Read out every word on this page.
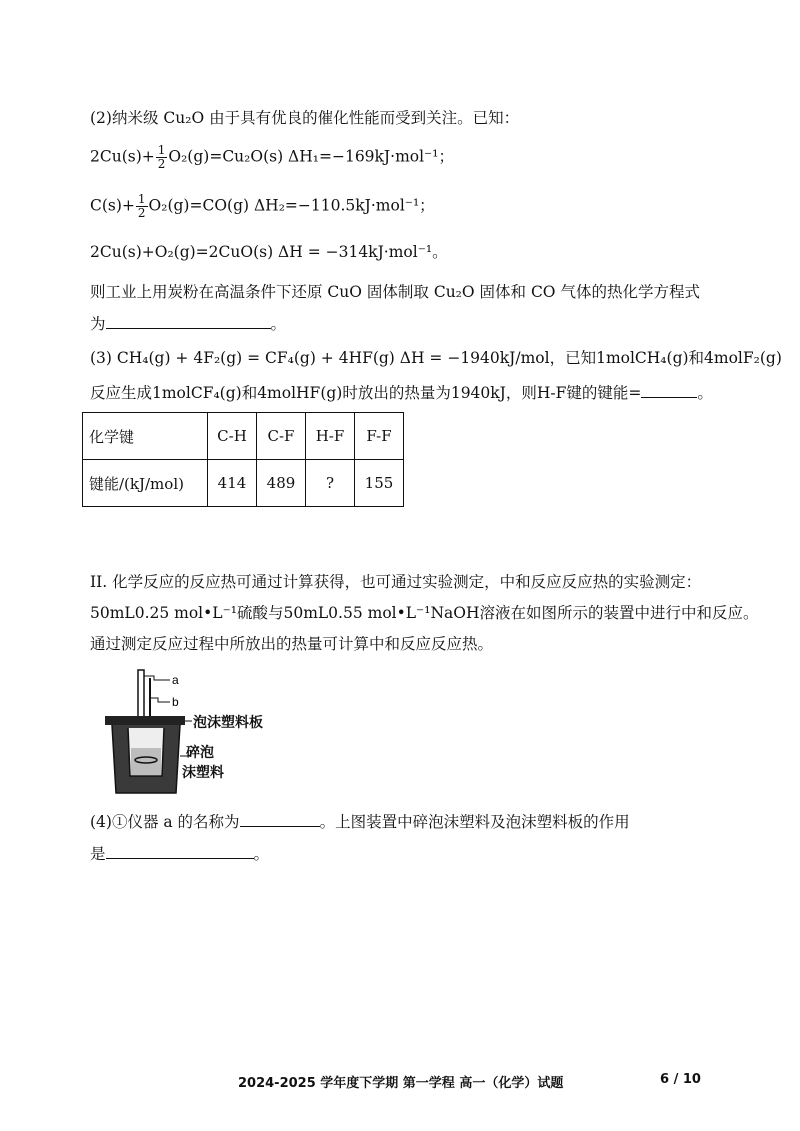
(2)纳米级 Cu₂O 由于具有优良的催化性能而受到关注。已知：
$2Cu(s)+ \frac{1}{2} O_2(g)=Cu_2O(s)$ ΔH₁=−169kJ·mol⁻¹；
$C(s)+ \frac{1}{2} O_2(g)=CO(g)$ ΔH₂=−110.5kJ·mol⁻¹；
2Cu(s)+O₂(g)=2CuO(s) ΔH = −314kJ·mol⁻¹。
则工业上用炭粉在高温条件下还原 CuO 固体制取 Cu₂O 固体和 CO 气体的热化学方程式
为	。
(3) CH₄(g) + 4F₂(g) = CF₄(g) + 4HF(g) ΔH = −1940kJ/mol，已知1molCH₄(g)和4molF₂(g)
反应生成1molCF₄(g)和4molHF(g)时放出的热量为1940kJ，则H-F键的键能=	。
化学键	C-H	C-F	H-F	F-F
键能/(kJ/mol)	414	489	?	155
II. 化学反应的反应热可通过计算获得，也可通过实验测定，中和反应反应热的实验测定：
50mL0.25 mol•L⁻¹硫酸与50mL0.55 mol•L⁻¹NaOH溶液在如图所示的装置中进行中和反应。
通过测定反应过程中所放出的热量可计算中和反应反应热。
a
b
泡沫塑料板
碎泡
沫塑料
(4)①仪器 a 的名称为	。上图装置中碎泡沫塑料及泡沫塑料板的作用
是	。
2024-2025 学年度下学期 第一学程 高一（化学）试题	6 / 10
